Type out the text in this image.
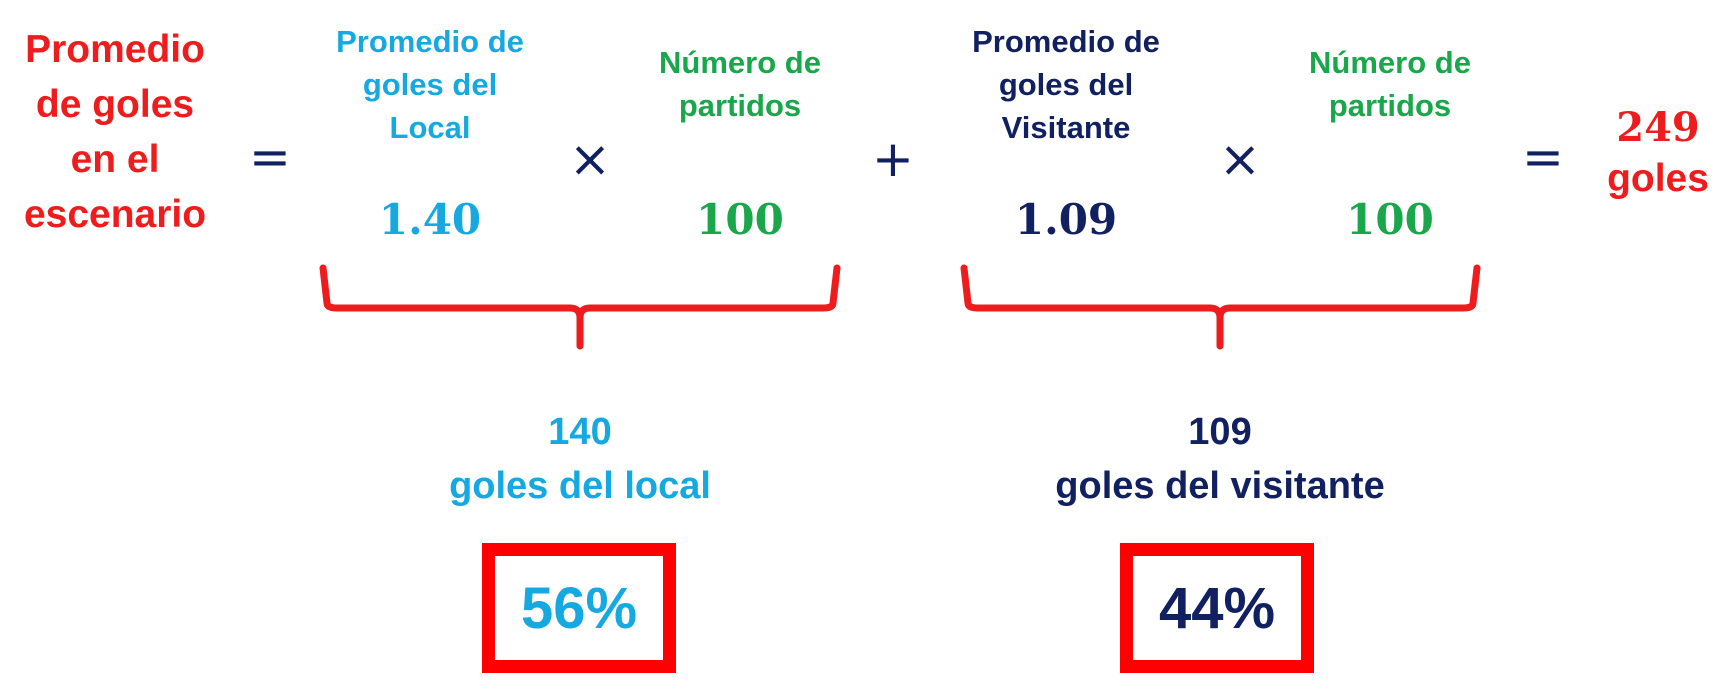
Promedio
de goles
en el
escenario
=
Promedio de
goles del
Local
1.40
×
Número de
partidos
100
+
Promedio de
goles del
Visitante
1.09
×
Número de
partidos
100
=
249
goles
140
goles del local
109
goles del visitante
56%	44%
